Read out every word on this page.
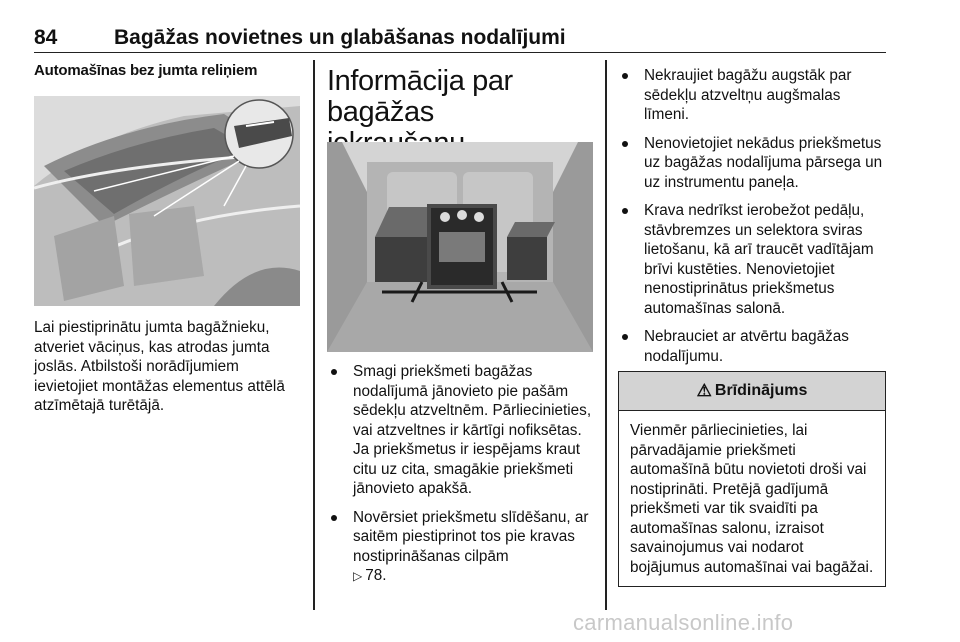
84	Bagāžas novietnes un glabāšanas nodalījumi

Automašīnas bez jumta reliņiem

Lai piestiprinātu jumta bagāžnieku, atveriet vāciņus, kas atrodas jumta joslās. Atbilstoši norādījumiem ievietojiet montāžas elementus attēlā atzīmētajā turētājā.
Informācija par bagāžas

Smagi priekšmeti bagāžas nodalījumā jānovieto pie pašām sēdekļu atzveltnēm. Pārliecinieties, vai atzveltnes ir kārtīgi nofiksētas. Ja priekšmetus ir iespējams kraut citu uz cita, smagākie priekšmeti jānovieto apakšā.
Novērsiet priekšmetu slīdēšanu, ar saitēm piestiprinot tos pie kravas nostiprināšanas cilpām
▷ 78.
Nekraujiet bagāžu augstāk par sēdekļu atzveltņu augšmalas līmeni.
Nenovietojiet nekādus priekšmetus uz bagāžas nodalījuma pārsega un uz instrumentu paneļa.
Krava nedrīkst ierobežot pedāļu, stāvbremzes un selektora sviras lietošanu, kā arī traucēt vadītājam brīvi kustēties. Nenovietojiet nenostiprinātus priekšmetus automašīnas salonā.
Nebrauciet ar atvērtu bagāžas nodalījumu.
⚠ Brīdinājums
Vienmēr pārliecinieties, lai pārvadājamie priekšmeti automašīnā būtu novietoti droši vai nostiprināti. Pretējā gadījumā priekšmeti var tik svaidīti pa automašīnas salonu, izraisot savainojumus vai nodarot bojājumus automašīnai vai bagāžai.
carmanualsonline.info
